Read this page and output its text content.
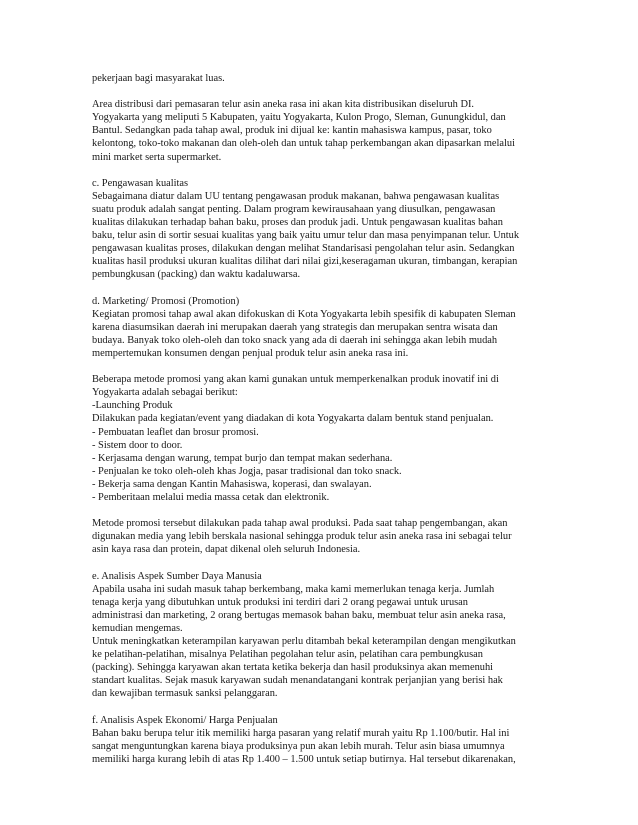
pekerjaan bagi masyarakat luas.

Area distribusi dari pemasaran telur asin aneka rasa ini akan kita distribusikan diseluruh DI.
Yogyakarta yang meliputi 5 Kabupaten, yaitu Yogyakarta, Kulon Progo, Sleman, Gunungkidul, dan
Bantul. Sedangkan pada tahap awal, produk ini dijual ke: kantin mahasiswa kampus, pasar, toko
kelontong, toko-toko makanan dan oleh-oleh dan untuk tahap perkembangan akan dipasarkan melalui
mini market serta supermarket.

c. Pengawasan kualitas
Sebagaimana diatur dalam UU tentang pengawasan produk makanan, bahwa pengawasan kualitas
suatu produk adalah sangat penting. Dalam program kewirausahaan yang diusulkan, pengawasan
kualitas dilakukan terhadap bahan baku, proses dan produk jadi. Untuk pengawasan kualitas bahan
baku, telur asin di sortir sesuai kualitas yang baik yaitu umur telur dan masa penyimpanan telur. Untuk
pengawasan kualitas proses, dilakukan dengan melihat Standarisasi pengolahan telur asin. Sedangkan
kualitas hasil produksi ukuran kualitas dilihat dari nilai gizi,keseragaman ukuran, timbangan, kerapian
pembungkusan (packing) dan waktu kadaluwarsa.

d. Marketing/ Promosi (Promotion)
Kegiatan promosi tahap awal akan difokuskan di Kota Yogyakarta lebih spesifik di kabupaten Sleman
karena diasumsikan daerah ini merupakan daerah yang strategis dan merupakan sentra wisata dan
budaya. Banyak toko oleh-oleh dan toko snack yang ada di daerah ini sehingga akan lebih mudah
mempertemukan konsumen dengan penjual produk telur asin aneka rasa ini.

Beberapa metode promosi yang akan kami gunakan untuk memperkenalkan produk inovatif ini di
Yogyakarta adalah sebagai berikut:
-Launching Produk
Dilakukan pada kegiatan/event yang diadakan di kota Yogyakarta dalam bentuk stand penjualan.
- Pembuatan leaflet dan brosur promosi.
- Sistem door to door.
- Kerjasama dengan warung, tempat burjo dan tempat makan sederhana.
- Penjualan ke toko oleh-oleh khas Jogja, pasar tradisional dan toko snack.
- Bekerja sama dengan Kantin Mahasiswa, koperasi, dan swalayan.
- Pemberitaan melalui media massa cetak dan elektronik.

Metode promosi tersebut dilakukan pada tahap awal produksi. Pada saat tahap pengembangan, akan
digunakan media yang lebih berskala nasional sehingga produk telur asin aneka rasa ini sebagai telur
asin kaya rasa dan protein, dapat dikenal oleh seluruh Indonesia.

e. Analisis Aspek Sumber Daya Manusia
Apabila usaha ini sudah masuk tahap berkembang, maka kami memerlukan tenaga kerja. Jumlah
tenaga kerja yang dibutuhkan untuk produksi ini terdiri dari 2 orang pegawai untuk urusan
administrasi dan marketing, 2 orang bertugas memasok bahan baku, membuat telur asin aneka rasa,
kemudian mengemas.
Untuk meningkatkan keterampilan karyawan perlu ditambah bekal keterampilan dengan mengikutkan
ke pelatihan-pelatihan, misalnya Pelatihan pegolahan telur asin, pelatihan cara pembungkusan
(packing). Sehingga karyawan akan tertata ketika bekerja dan hasil produksinya akan memenuhi
standart kualitas. Sejak masuk karyawan sudah menandatangani kontrak perjanjian yang berisi hak
dan kewajiban termasuk sanksi pelanggaran.

f. Analisis Aspek Ekonomi/ Harga Penjualan
Bahan baku berupa telur itik memiliki harga pasaran yang relatif murah yaitu Rp 1.100/butir. Hal ini
sangat menguntungkan karena biaya produksinya pun akan lebih murah. Telur asin biasa umumnya
memiliki harga kurang lebih di atas Rp 1.400 – 1.500 untuk setiap butirnya. Hal tersebut dikarenakan,
